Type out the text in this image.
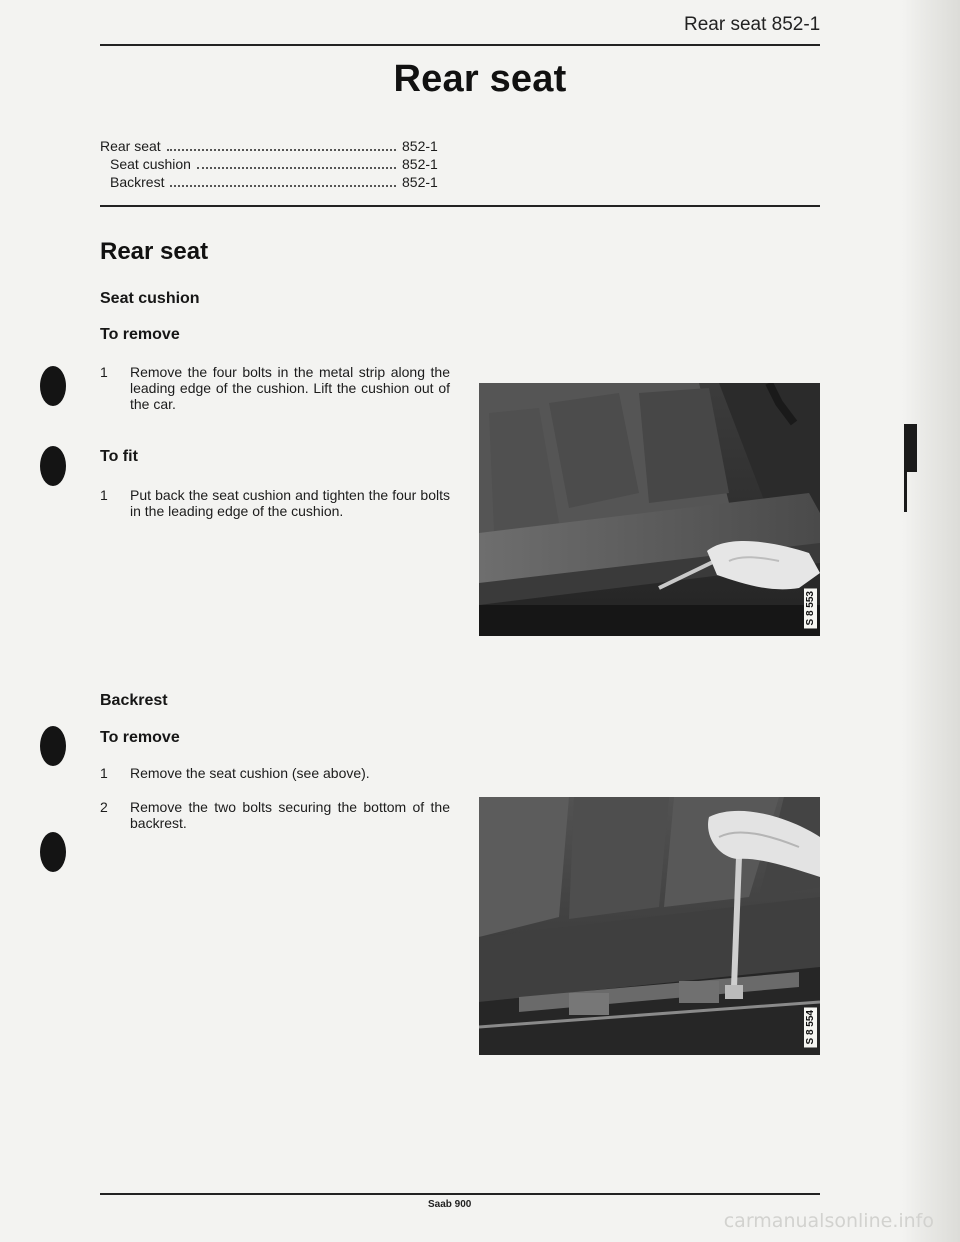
Rear seat 852-1
Rear seat
Rear seat	852-1
Seat cushion	852-1
Backrest	852-1
Rear seat
Seat cushion
To remove
1	Remove the four bolts in the metal strip along the leading edge of the cushion. Lift the cushion out of the car.
To fit
1	Put back the seat cushion and tighten the four bolts in the leading edge of the cushion.
Backrest
To remove
1	Remove the seat cushion (see above).
2	Remove the two bolts securing the bottom of the backrest.
S 8 553
S 8 554
Saab 900
carmanualsonline.info
